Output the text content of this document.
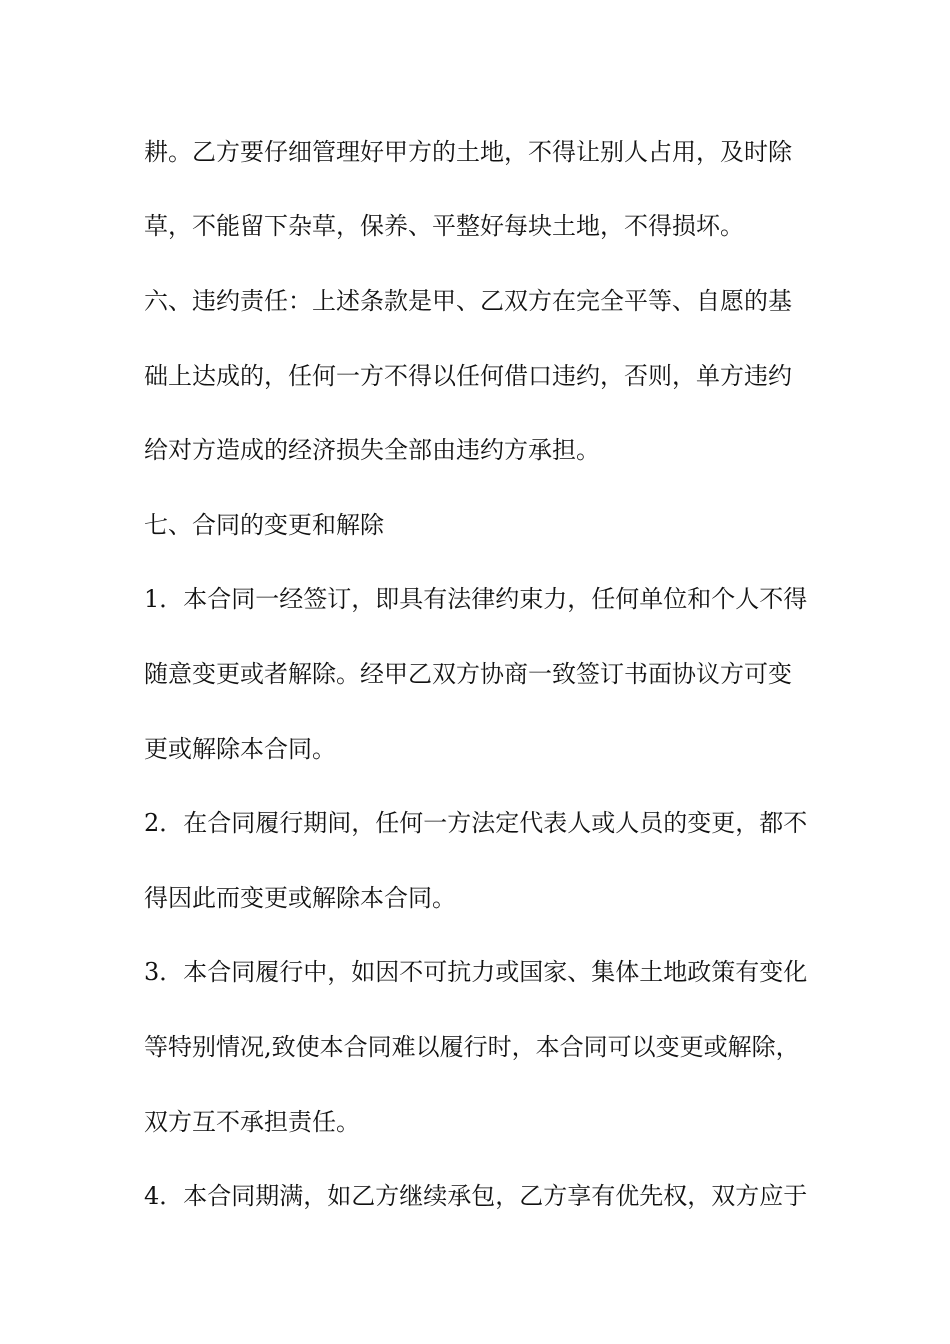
耕。乙方要仔细管理好甲方的土地，不得让别人占用，及时除
草，不能留下杂草，保养、平整好每块土地，不得损坏。
六、违约责任：上述条款是甲、乙双方在完全平等、自愿的基
础上达成的，任何一方不得以任何借口违约，否则，单方违约
给对方造成的经济损失全部由违约方承担。
七、合同的变更和解除
1．本合同一经签订，即具有法律约束力，任何单位和个人不得
随意变更或者解除。经甲乙双方协商一致签订书面协议方可变
更或解除本合同。
2．在合同履行期间，任何一方法定代表人或人员的变更，都不
得因此而变更或解除本合同。
3．本合同履行中，如因不可抗力或国家、集体土地政策有变化
等特别情况,致使本合同难以履行时，本合同可以变更或解除，
双方互不承担责任。
4．本合同期满，如乙方继续承包，乙方享有优先权，双方应于
